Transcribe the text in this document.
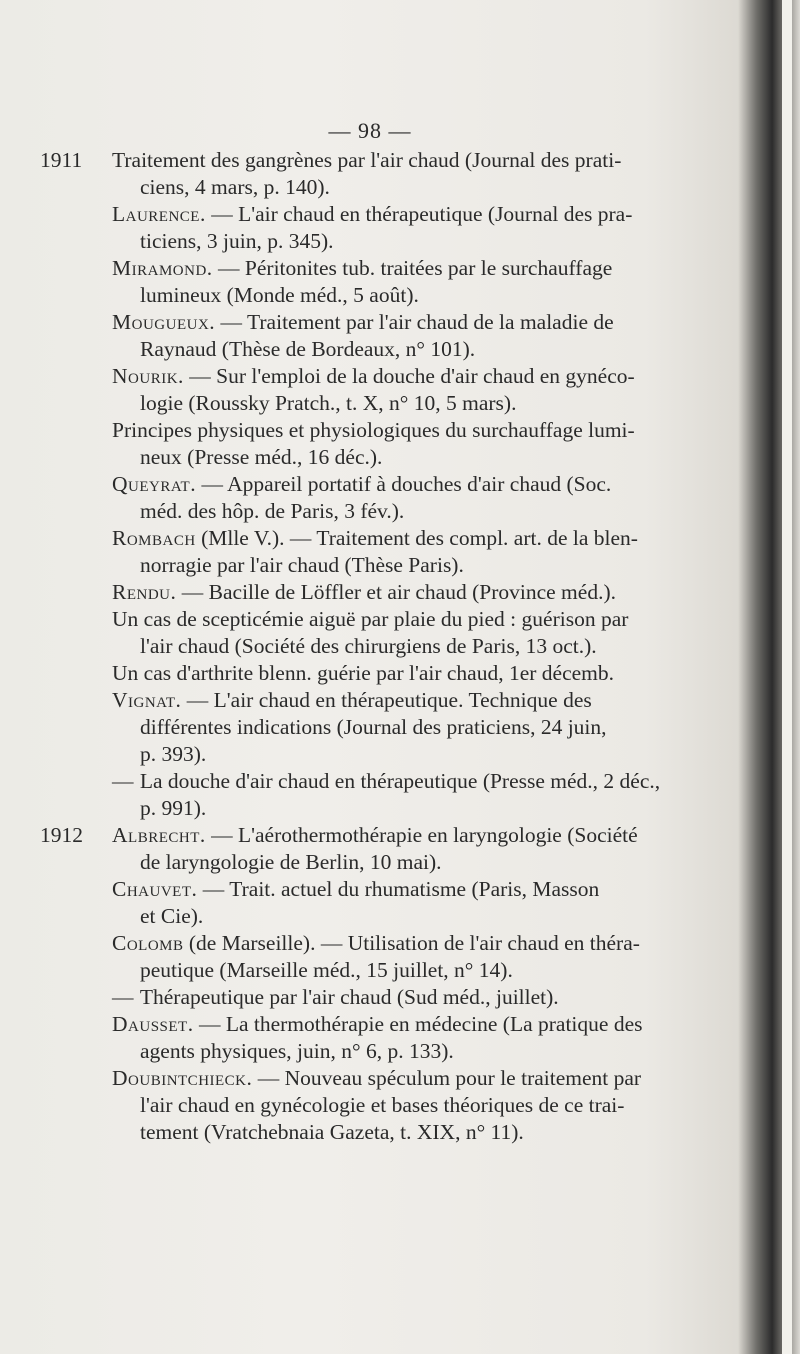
— 98 —
1911	Traitement des gangrènes par l'air chaud (Journal des prati-
ciens, 4 mars, p. 140).
Laurence. — L'air chaud en thérapeutique (Journal des pra-
ticiens, 3 juin, p. 345).
Miramond. — Péritonites tub. traitées par le surchauffage
lumineux (Monde méd., 5 août).
Mougueux. — Traitement par l'air chaud de la maladie de
Raynaud (Thèse de Bordeaux, n° 101).
Nourik. — Sur l'emploi de la douche d'air chaud en gynéco-
logie (Roussky Pratch., t. X, n° 10, 5 mars).
Principes physiques et physiologiques du surchauffage lumi-
neux (Presse méd., 16 déc.).
Queyrat. — Appareil portatif à douches d'air chaud (Soc.
méd. des hôp. de Paris, 3 fév.).
Rombach (Mlle V.). — Traitement des compl. art. de la blen-
norragie par l'air chaud (Thèse Paris).
Rendu. — Bacille de Löffler et air chaud (Province méd.).
Un cas de scepticémie aiguë par plaie du pied : guérison par
l'air chaud (Société des chirurgiens de Paris, 13 oct.).
Un cas d'arthrite blenn. guérie par l'air chaud, 1er décemb.
Vignat. — L'air chaud en thérapeutique. Technique des
différentes indications (Journal des praticiens, 24 juin,
p. 393).
— La douche d'air chaud en thérapeutique (Presse méd., 2 déc.,
p. 991).
1912	Albrecht. — L'aérothermothérapie en laryngologie (Société
de laryngologie de Berlin, 10 mai).
Chauvet. — Trait. actuel du rhumatisme (Paris, Masson
et Cie).
Colomb (de Marseille). — Utilisation de l'air chaud en théra-
peutique (Marseille méd., 15 juillet, n° 14).
— Thérapeutique par l'air chaud (Sud méd., juillet).
Dausset. — La thermothérapie en médecine (La pratique des
agents physiques, juin, n° 6, p. 133).
Doubintchieck. — Nouveau spéculum pour le traitement par
l'air chaud en gynécologie et bases théoriques de ce trai-
tement (Vratchebnaia Gazeta, t. XIX, n° 11).
